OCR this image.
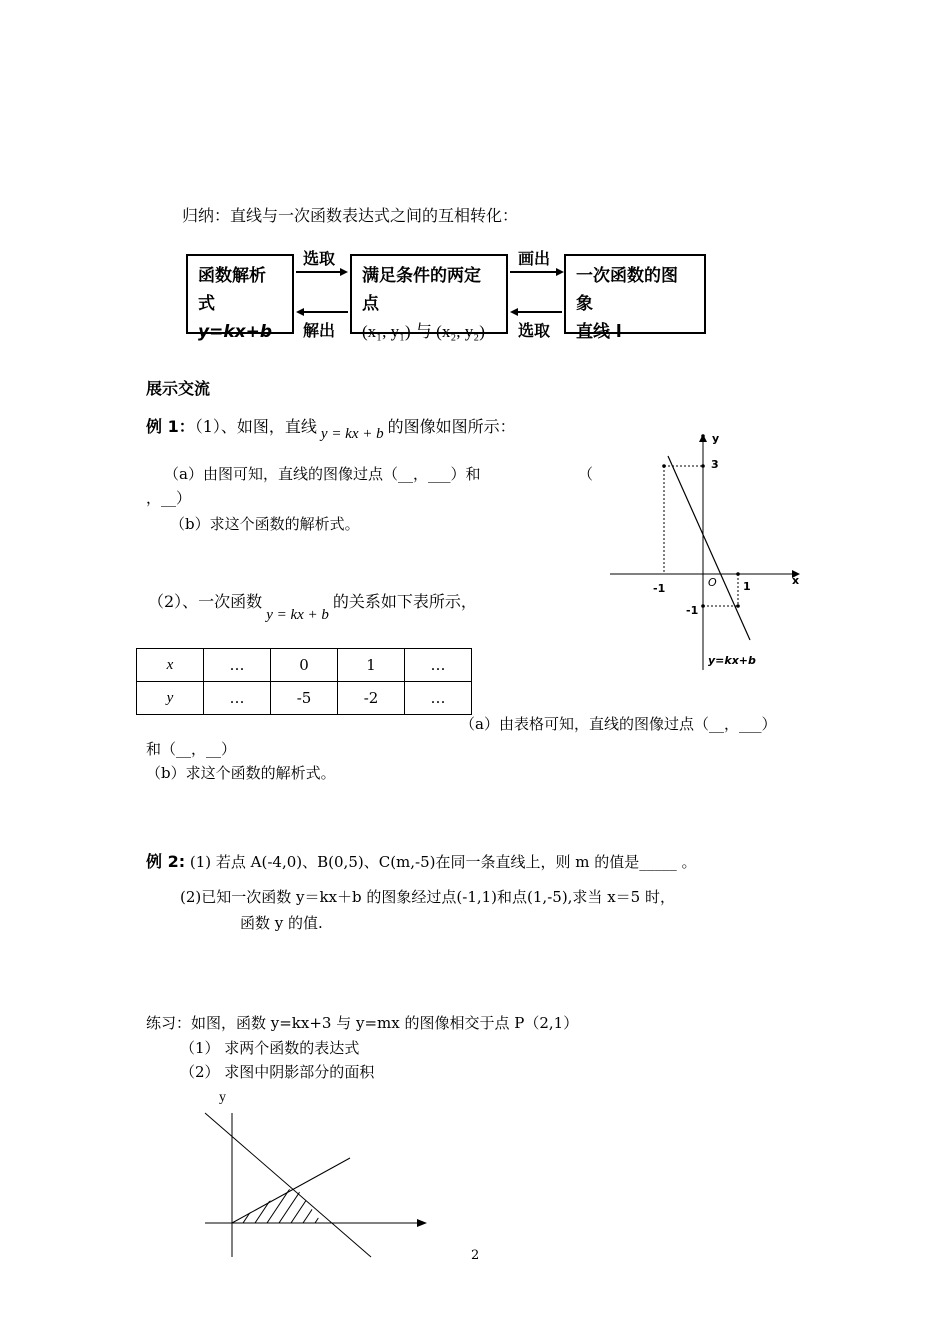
归纳：直线与一次函数表达式之间的互相转化：
函数解析式
y=kx+b
满足条件的两定点
(x₁, y₁) 与 (x₂, y₂)
一次函数的图象
直线 l
选取
解出
画出
选取
展示交流
例 1：（1）、如图，直线 y = kx + b 的图像如图所示：
（a）由图可知，直线的图像过点（__，___）和	（
，__）
（b）求这个函数的解析式。
（2）、一次函数y = kx + b的关系如下表所示，
y
x
O
3
-1	1
-1
y=kx+b
x	…	0	1	…
y	…	-5	-2	…
（a）由表格可知，直线的图像过点（__，___）
和（__，__）
（b）求这个函数的解析式。
例 2: (1) 若点 A(-4,0)、B(0,5)、C(m,-5)在同一条直线上，则 m 的值是_____ 。
(2)已知一次函数 y＝kx＋b 的图象经过点(-1,1)和点(1,-5),求当 x＝5 时，
函数 y 的值.
练习：如图，函数 y=kx+3 与 y=mx 的图像相交于点 P（2,1）
（1） 求两个函数的表达式
（2） 求图中阴影部分的面积
y
2
